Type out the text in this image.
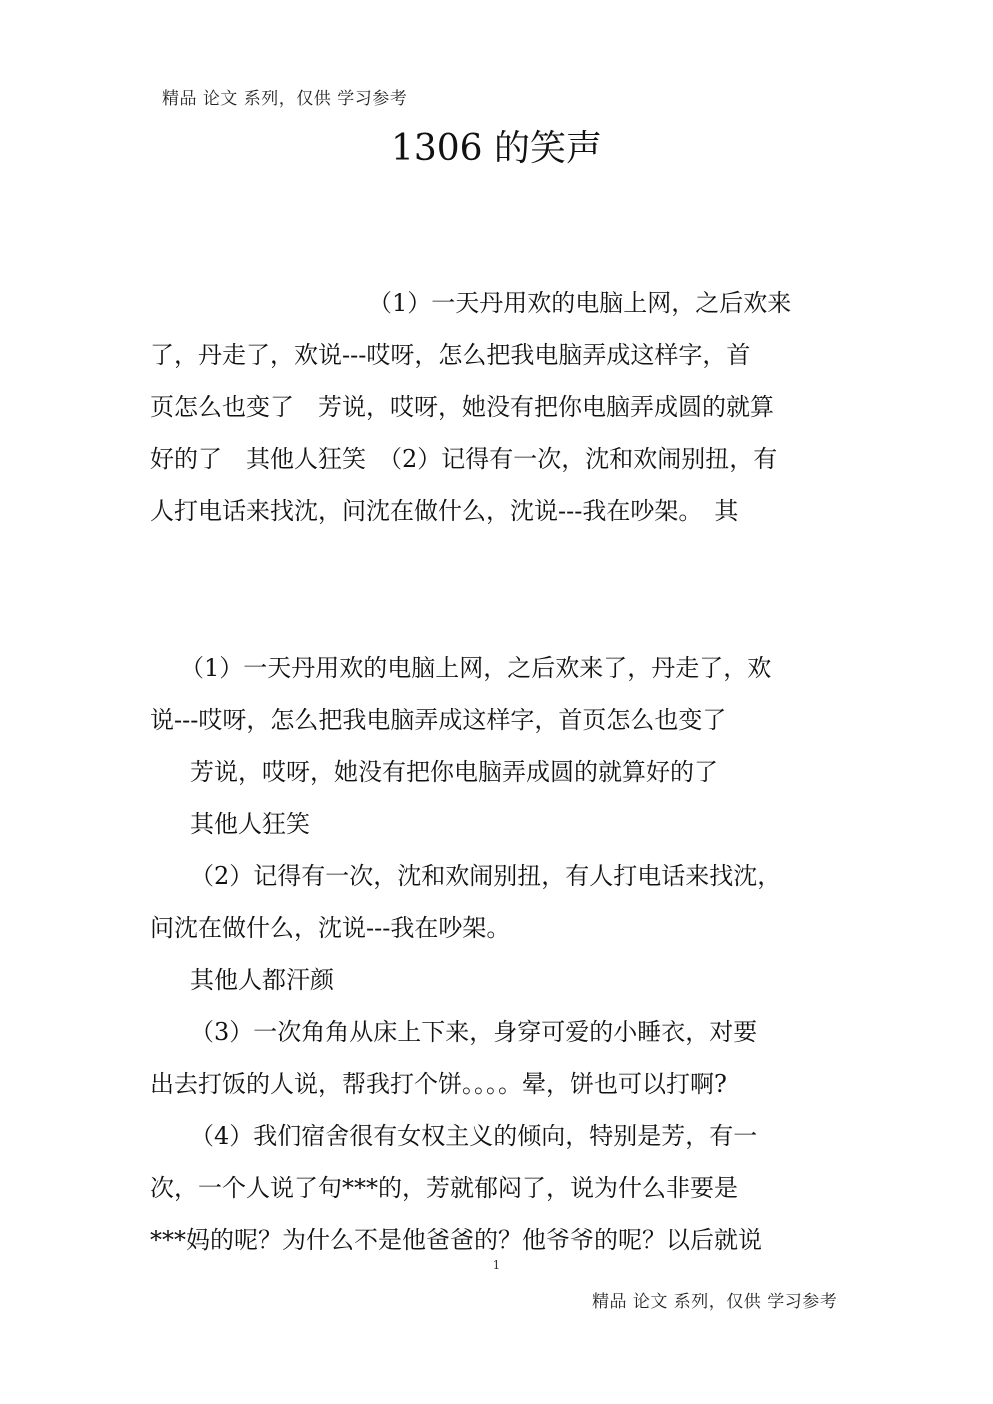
精品 论文 系列，仅供 学习参考
1306 的笑声
（1）一天丹用欢的电脑上网，之后欢来
了，丹走了，欢说---哎呀，怎么把我电脑弄成这样字，首
页怎么也变了　芳说，哎呀，她没有把你电脑弄成圆的就算
好的了　其他人狂笑　（2）记得有一次，沈和欢闹别扭，有
人打电话来找沈，问沈在做什么，沈说---我在吵架。　其
（1）一天丹用欢的电脑上网，之后欢来了，丹走了，欢
说---哎呀，怎么把我电脑弄成这样字，首页怎么也变了
芳说，哎呀，她没有把你电脑弄成圆的就算好的了
其他人狂笑
（2）记得有一次，沈和欢闹别扭，有人打电话来找沈，
问沈在做什么，沈说---我在吵架。
其他人都汗颜
（3）一次角角从床上下来，身穿可爱的小睡衣，对要
出去打饭的人说，帮我打个饼。。。。晕，饼也可以打啊?
（4）我们宿舍很有女权主义的倾向，特别是芳，有一
次，一个人说了句***的，芳就郁闷了，说为什么非要是
***妈的呢？为什么不是他爸爸的？他爷爷的呢？以后就说
1
精品 论文 系列，仅供 学习参考
